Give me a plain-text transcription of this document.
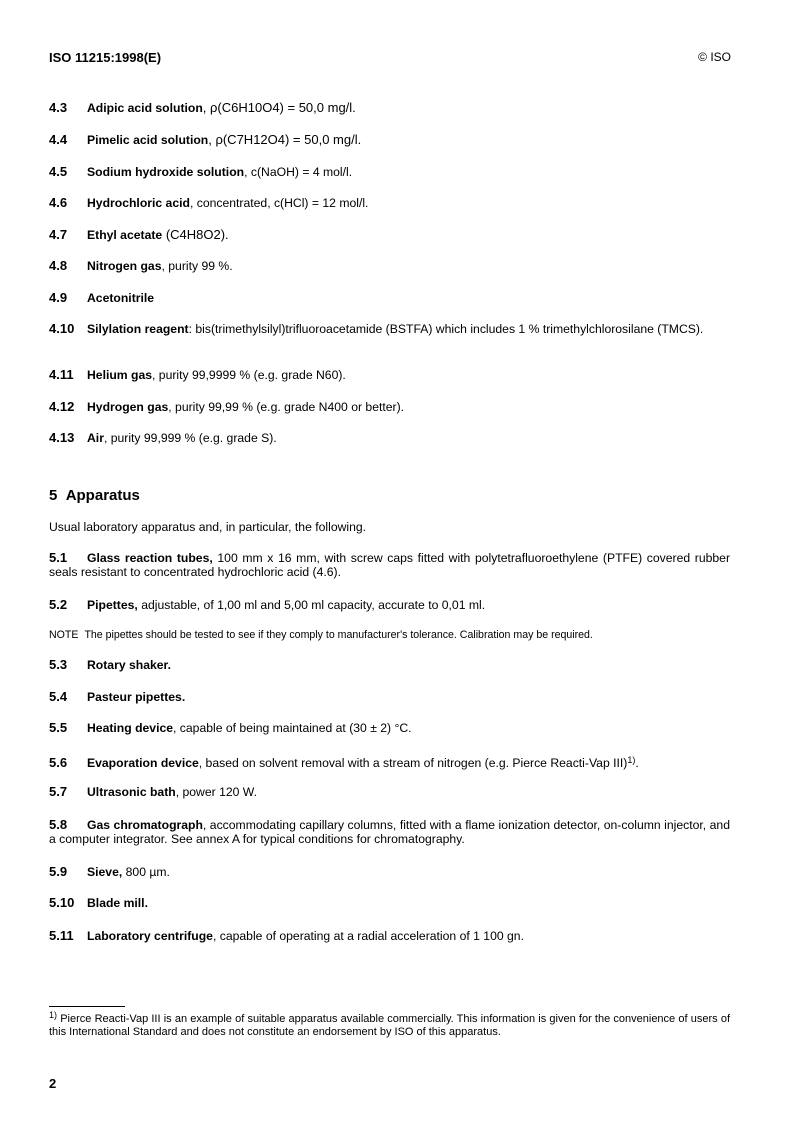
ISO 11215:1998(E)	© ISO
4.3 Adipic acid solution, ρ(C6H10O4) = 50,0 mg/l.
4.4 Pimelic acid solution, ρ(C7H12O4) = 50,0 mg/l.
4.5 Sodium hydroxide solution, c(NaOH) = 4 mol/l.
4.6 Hydrochloric acid, concentrated, c(HCl) = 12 mol/l.
4.7 Ethyl acetate (C4H8O2).
4.8 Nitrogen gas, purity 99 %.
4.9 Acetonitrile
4.10 Silylation reagent: bis(trimethylsilyl)trifluoroacetamide (BSTFA) which includes 1 % trimethylchlorosilane (TMCS).
4.11 Helium gas, purity 99,9999 % (e.g. grade N60).
4.12 Hydrogen gas, purity 99,99 % (e.g. grade N400 or better).
4.13 Air, purity 99,999 % (e.g. grade S).
5 Apparatus
Usual laboratory apparatus and, in particular, the following.
5.1 Glass reaction tubes, 100 mm x 16 mm, with screw caps fitted with polytetrafluoroethylene (PTFE) covered rubber seals resistant to concentrated hydrochloric acid (4.6).
5.2 Pipettes, adjustable, of 1,00 ml and 5,00 ml capacity, accurate to 0,01 ml.
NOTE The pipettes should be tested to see if they comply to manufacturer's tolerance. Calibration may be required.
5.3 Rotary shaker.
5.4 Pasteur pipettes.
5.5 Heating device, capable of being maintained at (30 ± 2) °C.
5.6 Evaporation device, based on solvent removal with a stream of nitrogen (e.g. Pierce Reacti-Vap III)$^{1)}$.
5.7 Ultrasonic bath, power 120 W.
5.8 Gas chromatograph, accommodating capillary columns, fitted with a flame ionization detector, on-column injector, and a computer integrator. See annex A for typical conditions for chromatography.
5.9 Sieve, 800 µm.
5.10 Blade mill.
5.11 Laboratory centrifuge, capable of operating at a radial acceleration of 1 100 gn.
$^{1)}$ Pierce Reacti-Vap III is an example of suitable apparatus available commercially. This information is given for the convenience of users of this International Standard and does not constitute an endorsement by ISO of this apparatus.
2
